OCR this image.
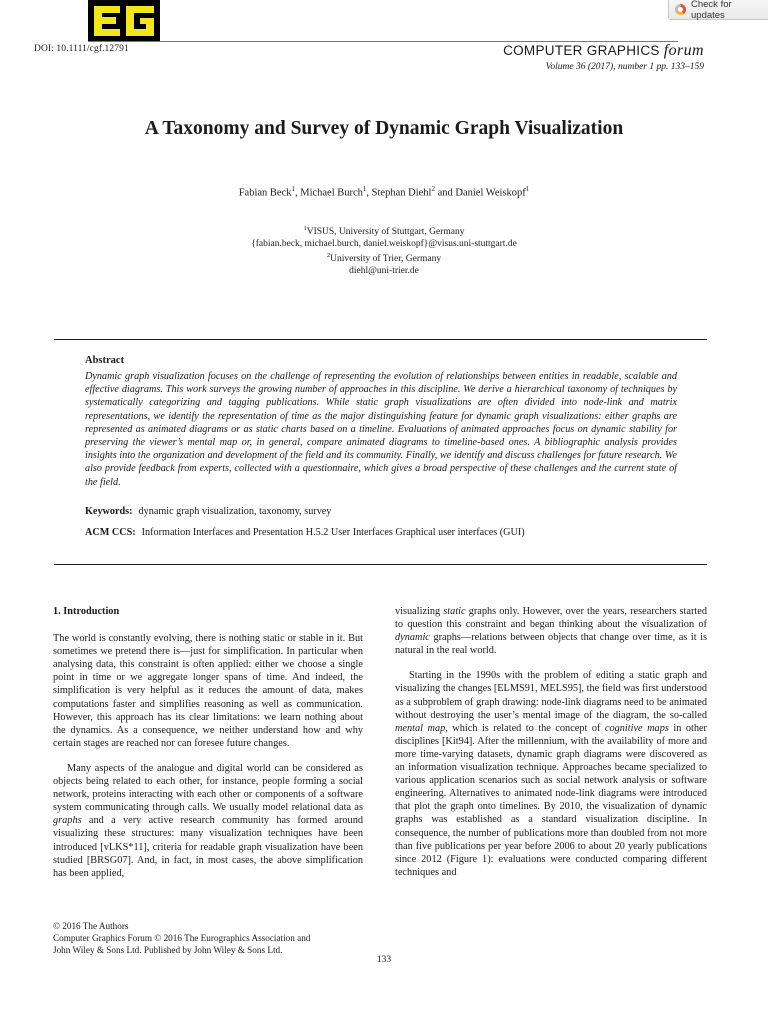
DOI: 10.1111/cgf.12791	COMPUTER GRAPHICS forum
Volume 36 (2017), number 1 pp. 133–159
Check for updates
A Taxonomy and Survey of Dynamic Graph Visualization
Fabian Beck$^1$, Michael Burch$^1$, Stephan Diehl$^2$ and Daniel Weiskopf$^1$
$^1$VISUS, University of Stuttgart, Germany
{fabian.beck, michael.burch, daniel.weiskopf}@visus.uni-stuttgart.de
$^2$University of Trier, Germany
diehl@uni-trier.de
Abstract
Dynamic graph visualization focuses on the challenge of representing the evolution of relationships between entities in readable, scalable and effective diagrams. This work surveys the growing number of approaches in this discipline. We derive a hierarchical taxonomy of techniques by systematically categorizing and tagging publications. While static graph visualizations are often divided into node-link and matrix representations, we identify the representation of time as the major distinguishing feature for dynamic graph visualizations: either graphs are represented as animated diagrams or as static charts based on a timeline. Evaluations of animated approaches focus on dynamic stability for preserving the viewer’s mental map or, in general, compare animated diagrams to timeline-based ones. A bibliographic analysis provides insights into the organization and development of the field and its community. Finally, we identify and discuss challenges for future research. We also provide feedback from experts, collected with a questionnaire, which gives a broad perspective of these challenges and the current state of the field.
Keywords: dynamic graph visualization, taxonomy, survey
ACM CCS: Information Interfaces and Presentation H.5.2 User Interfaces Graphical user interfaces (GUI)
1. Introduction

The world is constantly evolving, there is nothing static or stable in it. But sometimes we pretend there is—just for simplification. In particular when analysing data, this constraint is often applied: either we choose a single point in time or we aggregate longer spans of time. And indeed, the simplification is very helpful as it reduces the amount of data, makes computations faster and simplifies reasoning as well as communication. However, this approach has its clear limitations: we learn nothing about the dynamics. As a consequence, we neither understand how and why certain stages are reached nor can foresee future changes.

Many aspects of the analogue and digital world can be considered as objects being related to each other, for instance, people forming a social network, proteins interacting with each other or components of a software system communicating through calls. We usually model relational data as graphs and a very active research community has formed around visualizing these structures: many visualization techniques have been introduced [vLKS*11], criteria for readable graph visualization have been studied [BRSG07]. And, in fact, in most cases, the above simplification has been applied,

visualizing static graphs only. However, over the years, researchers started to question this constraint and began thinking about the visualization of dynamic graphs—relations between objects that change over time, as it is natural in the real world.

Starting in the 1990s with the problem of editing a static graph and visualizing the changes [ELMS91, MELS95], the field was first understood as a subproblem of graph drawing: node-link diagrams need to be animated without destroying the user’s mental image of the diagram, the so-called mental map, which is related to the concept of cognitive maps in other disciplines [Kit94]. After the millennium, with the availability of more and more time-varying datasets, dynamic graph diagrams were discovered as an information visualization technique. Approaches became specialized to various application scenarios such as social network analysis or software engineering. Alternatives to animated node-link diagrams were introduced that plot the graph onto timelines. By 2010, the visualization of dynamic graphs was established as a standard visualization discipline. In consequence, the number of publications more than doubled from not more than five publications per year before 2006 to about 20 yearly publications since 2012 (Figure 1): evaluations were conducted comparing different techniques and

© 2016 The Authors
Computer Graphics Forum © 2016 The Eurographics Association and
John Wiley & Sons Ltd. Published by John Wiley & Sons Ltd.
133
